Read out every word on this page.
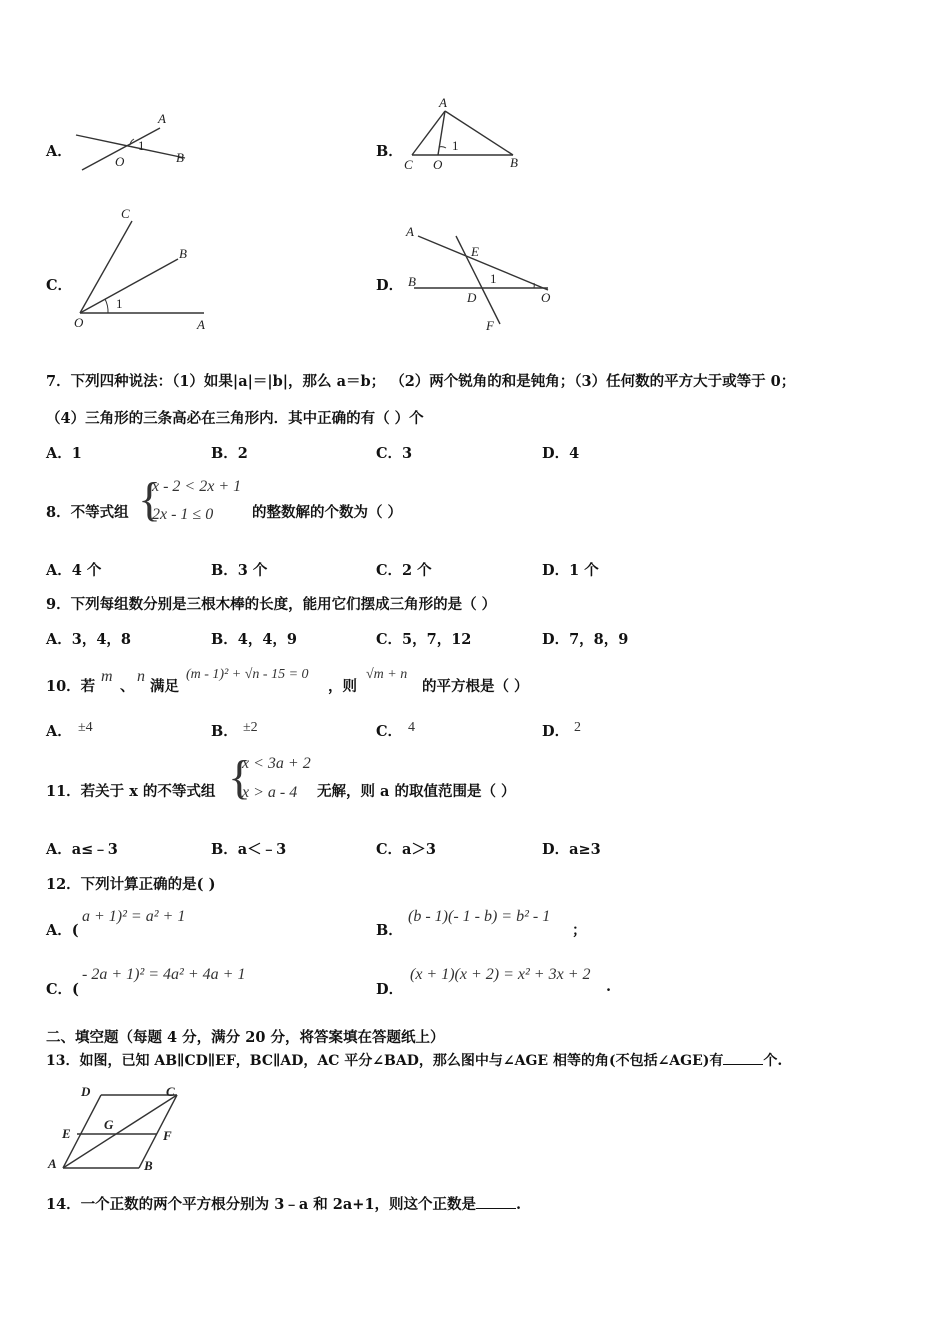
A．
A
O	B
1	B．
A
C O	B
1
C．
C
B
O	A
1
D．
A
E
B	1
O
D
F
7．下列四种说法：（1）如果|a|＝|b|，那么 a＝b； （2）两个锐角的和是钝角；（3）任何数的平方大于或等于 0；
（4）三角形的三条高必在三角形内．其中正确的有（ ）个
A．1	B．2	C．3	D．4
8．不等式组 {
x - 2 < 2x + 1
2x - 1 ≤ 0	的整数解的个数为（ ）
A．4 个	B．3 个	C．2 个	D．1 个
9．下列每组数分别是三根木棒的长度，能用它们摆成三角形的是（ ）
A．3，4，8	B．4，4，9	C．5，7，12	D．7，8，9
10．若
m
、
n
满足
(m - 1)² + √n - 15 = 0
，则
√m + n
的平方根是（ ）
A． ±4	B． ±2	C． 4	D． 2
11．若关于 x 的不等式组 {
x < 3a + 2
x > a - 4 无解，则 a 的取值范围是（ ）
A．a≤﹣3	B．a＜﹣3	C．a＞3	D．a≥3
12．下列计算正确的是( )
A．(
a + 1)² = a² + 1
B．
(b - 1)(- 1 - b) = b² - 1
；
C．(
- 2a + 1)² = 4a² + 4a + 1
D．
(x + 1)(x + 2) = x² + 3x + 2
.
二、填空题（每题 4 分，满分 20 分，将答案填在答题纸上）
13．如图，已知 AB∥CD∥EF，BC∥AD，AC 平分∠BAD，那么图中与∠AGE 相等的角(不包括∠AGE)有	个.
D	C
E
G
F
A	B
14．一个正数的两个平方根分别为 3﹣a 和 2a+1，则这个正数是	.
